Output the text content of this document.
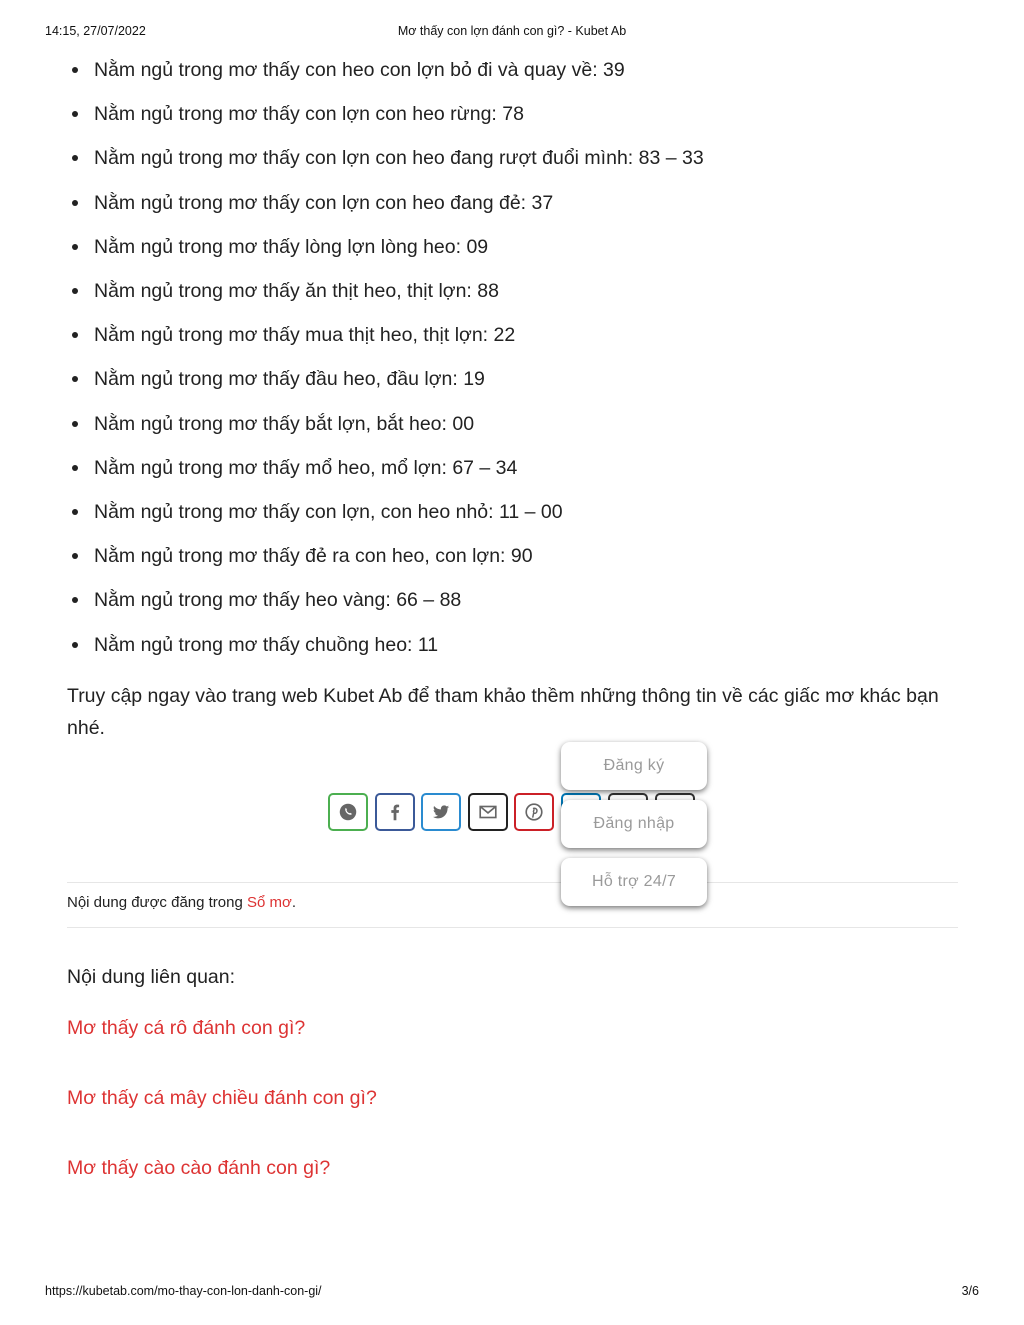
14:15, 27/07/2022	Mơ thấy con lợn đánh con gì? - Kubet Ab
Nằm ngủ trong mơ thấy con heo con lợn bỏ đi và quay về: 39
Nằm ngủ trong mơ thấy con lợn con heo rừng: 78
Nằm ngủ trong mơ thấy con lợn con heo đang rượt đuổi mình: 83 – 33
Nằm ngủ trong mơ thấy con lợn con heo đang đẻ: 37
Nằm ngủ trong mơ thấy lòng lợn lòng heo: 09
Nằm ngủ trong mơ thấy ăn thịt heo, thịt lợn: 88
Nằm ngủ trong mơ thấy mua thịt heo, thịt lợn: 22
Nằm ngủ trong mơ thấy đầu heo, đầu lợn: 19
Nằm ngủ trong mơ thấy bắt lợn, bắt heo: 00
Nằm ngủ trong mơ thấy mổ heo, mổ lợn: 67 – 34
Nằm ngủ trong mơ thấy con lợn, con heo nhỏ: 11 – 00
Nằm ngủ trong mơ thấy đẻ ra con heo, con lợn: 90
Nằm ngủ trong mơ thấy heo vàng: 66 – 88
Nằm ngủ trong mơ thấy chuồng heo: 11

Truy cập ngay vào trang web Kubet Ab để tham khảo thềm những thông tin về các giấc mơ khác bạn nhé.

Nội dung được đăng trong Sổ mơ.
Đăng ký
Đăng nhập
Hỗ trợ 24/7

Nội dung liên quan:

Mơ thấy cá rô đánh con gì?
Mơ thấy cá mây chiều đánh con gì?
Mơ thấy cào cào đánh con gì?
https://kubetab.com/mo-thay-con-lon-danh-con-gi/	3/6
